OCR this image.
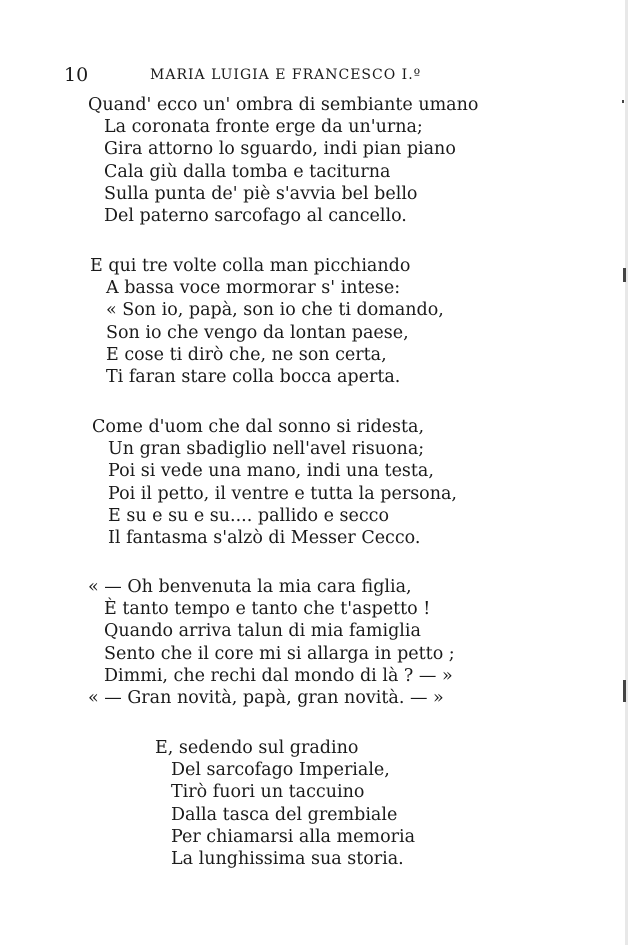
10	MARIA LUIGIA E FRANCESCO I.º
Quand' ecco un' ombra di sembiante umano
La coronata fronte erge da un'urna;
Gira attorno lo sguardo, indi pian piano
Cala giù dalla tomba e taciturna
Sulla punta de' piè s'avvia bel bello
Del paterno sarcofago al cancello.
E qui tre volte colla man picchiando
A bassa voce mormorar s' intese:
« Son io, papà, son io che ti domando,
Son io che vengo da lontan paese,
E cose ti dirò che, ne son certa,
Ti faran stare colla bocca aperta.
Come d'uom che dal sonno si ridesta,
Un gran sbadiglio nell'avel risuona;
Poi si vede una mano, indi una testa,
Poi il petto, il ventre e tutta la persona,
E su e su e su.... pallido e secco
Il fantasma s'alzò di Messer Cecco.
« — Oh benvenuta la mia cara figlia,
È tanto tempo e tanto che t'aspetto !
Quando arriva talun di mia famiglia
Sento che il core mi si allarga in petto ;
Dimmi, che rechi dal mondo di là ? — »
« — Gran novità, papà, gran novità. — »
E, sedendo sul gradino
Del sarcofago Imperiale,
Tirò fuori un taccuino
Dalla tasca del grembiale
Per chiamarsi alla memoria
La lunghissima sua storia.
